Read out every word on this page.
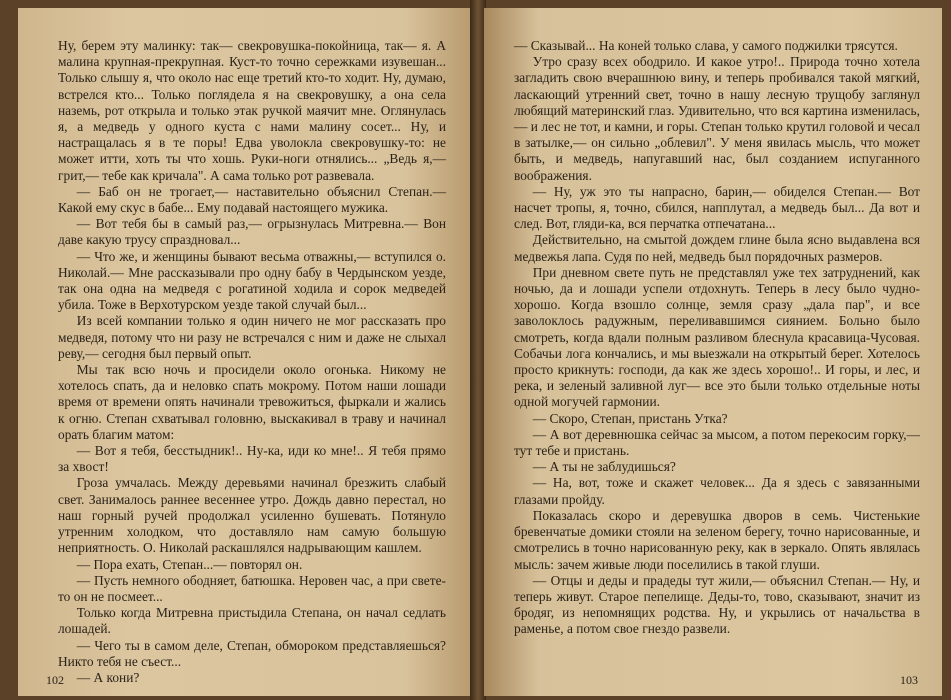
Ну, берем эту малинку: так— свекровушка-покойница, так— я. А малина крупная-прекрупная. Куст-то точно сережками изувешан... Только слышу я, что около нас еще третий кто-то ходит. Ну, думаю, встрелся кто... Только поглядела я на свекровушку, а она села наземь, рот открыла и только этак ручкой маячит мне. Оглянулась я, а медведь у одного куста с нами малину сосет... Ну, и настращалась я в те поры! Едва уволокла свекровушку-то: не может итти, хоть ты что хошь. Руки-ноги отнялись... „Ведь я,— грит,— тебе как кричала". А сама только рот развевала.

— Баб он не трогает,— наставительно объяснил Степан.— Какой ему скус в бабе... Ему подавай настоящего мужика.

— Вот тебя бы в самый раз,— огрызнулась Митревна.— Вон даве какую трусу спраздновал...

— Что же, и женщины бывают весьма отважны,— вступился о. Николай.— Мне рассказывали про одну бабу в Чердынском уезде, так она одна на медведя с рогатиной ходила и сорок медведей убила. Тоже в Верхотурском уезде такой случай был...

Из всей компании только я один ничего не мог рассказать про медведя, потому что ни разу не встречался с ним и даже не слыхал реву,— сегодня был первый опыт.

Мы так всю ночь и просидели около огонька. Никому не хотелось спать, да и неловко спать мокрому. Потом наши лошади время от времени опять начинали тревожиться, фыркали и жались к огню. Степан схватывал головню, выскакивал в траву и начинал орать благим матом:

— Вот я тебя, бесстыдник!.. Ну-ка, иди ко мне!.. Я тебя прямо за хвост!

Гроза умчалась. Между деревьями начинал брезжить слабый свет. Занималось раннее весеннее утро. Дождь давно перестал, но наш горный ручей продолжал усиленно бушевать. Потянуло утренним холодком, что доставляло нам самую большую неприятность. О. Николай раскашлялся надрывающим кашлем.

— Пора ехать, Степан...— повторял он.

— Пусть немного ободняет, батюшка. Неровен час, а при свете-то он не посмеет...

Только когда Митревна пристыдила Степана, он начал седлать лошадей.

— Чего ты в самом деле, Степан, обмороком представляешься? Никто тебя не съест...

— А кони?

102

— Сказывай... На коней только слава, у самого поджилки трясутся.

Утро сразу всех ободрило. И какое утро!.. Природа точно хотела загладить свою вчерашнюю вину, и теперь пробивался такой мягкий, ласкающий утренний свет, точно в нашу лесную трущобу заглянул любящий материнский глаз. Удивительно, что вся картина изменилась,— и лес не тот, и камни, и горы. Степан только крутил головой и чесал в затылке,— он сильно „облевил". У меня явилась мысль, что может быть, и медведь, напугавший нас, был созданием испуганного воображения.

— Ну, уж это ты напрасно, барин,— обиделся Степан.— Вот насчет тропы, я, точно, сбился, напплутал, а медведь был... Да вот и след. Вот, гляди-ка, вся перчатка отпечатана...

Действительно, на смытой дождем глине была ясно выдавлена вся медвежья лапа. Судя по ней, медведь был порядочных размеров.

При дневном свете путь не представлял уже тех затруднений, как ночью, да и лошади успели отдохнуть. Теперь в лесу было чудно-хорошо. Когда взошло солнце, земля сразу „дала пар", и все заволоклось радужным, переливавшимся сиянием. Больно было смотреть, когда вдали полным разливом блеснула красавица-Чусовая. Собачьи лога кончались, и мы выезжали на открытый берег. Хотелось просто крикнуть: господи, да как же здесь хорошо!.. И горы, и лес, и река, и зеленый заливной луг— все это были только отдельные ноты одной могучей гармонии.

— Скоро, Степан, пристань Утка?

— А вот деревнюшка сейчас за мысом, а потом перекосим горку,— тут тебе и пристань.

— А ты не заблудишься?

— На, вот, тоже и скажет человек... Да я здесь с завязанными глазами пройду.

Показалась скоро и деревушка дворов в семь. Чистенькие бревенчатые домики стояли на зеленом берегу, точно нарисованные, и смотрелись в точно нарисованную реку, как в зеркало. Опять являлась мысль: зачем живые люди поселились в такой глуши.

— Отцы и деды и прадеды тут жили,— объяснил Степан.— Ну, и теперь живут. Старое пепелище. Деды-то, тово, сказывают, значит из бродяг, из непомнящих родства. Ну, и укрылись от начальства в раменье, а потом свое гнездо развели.

103
